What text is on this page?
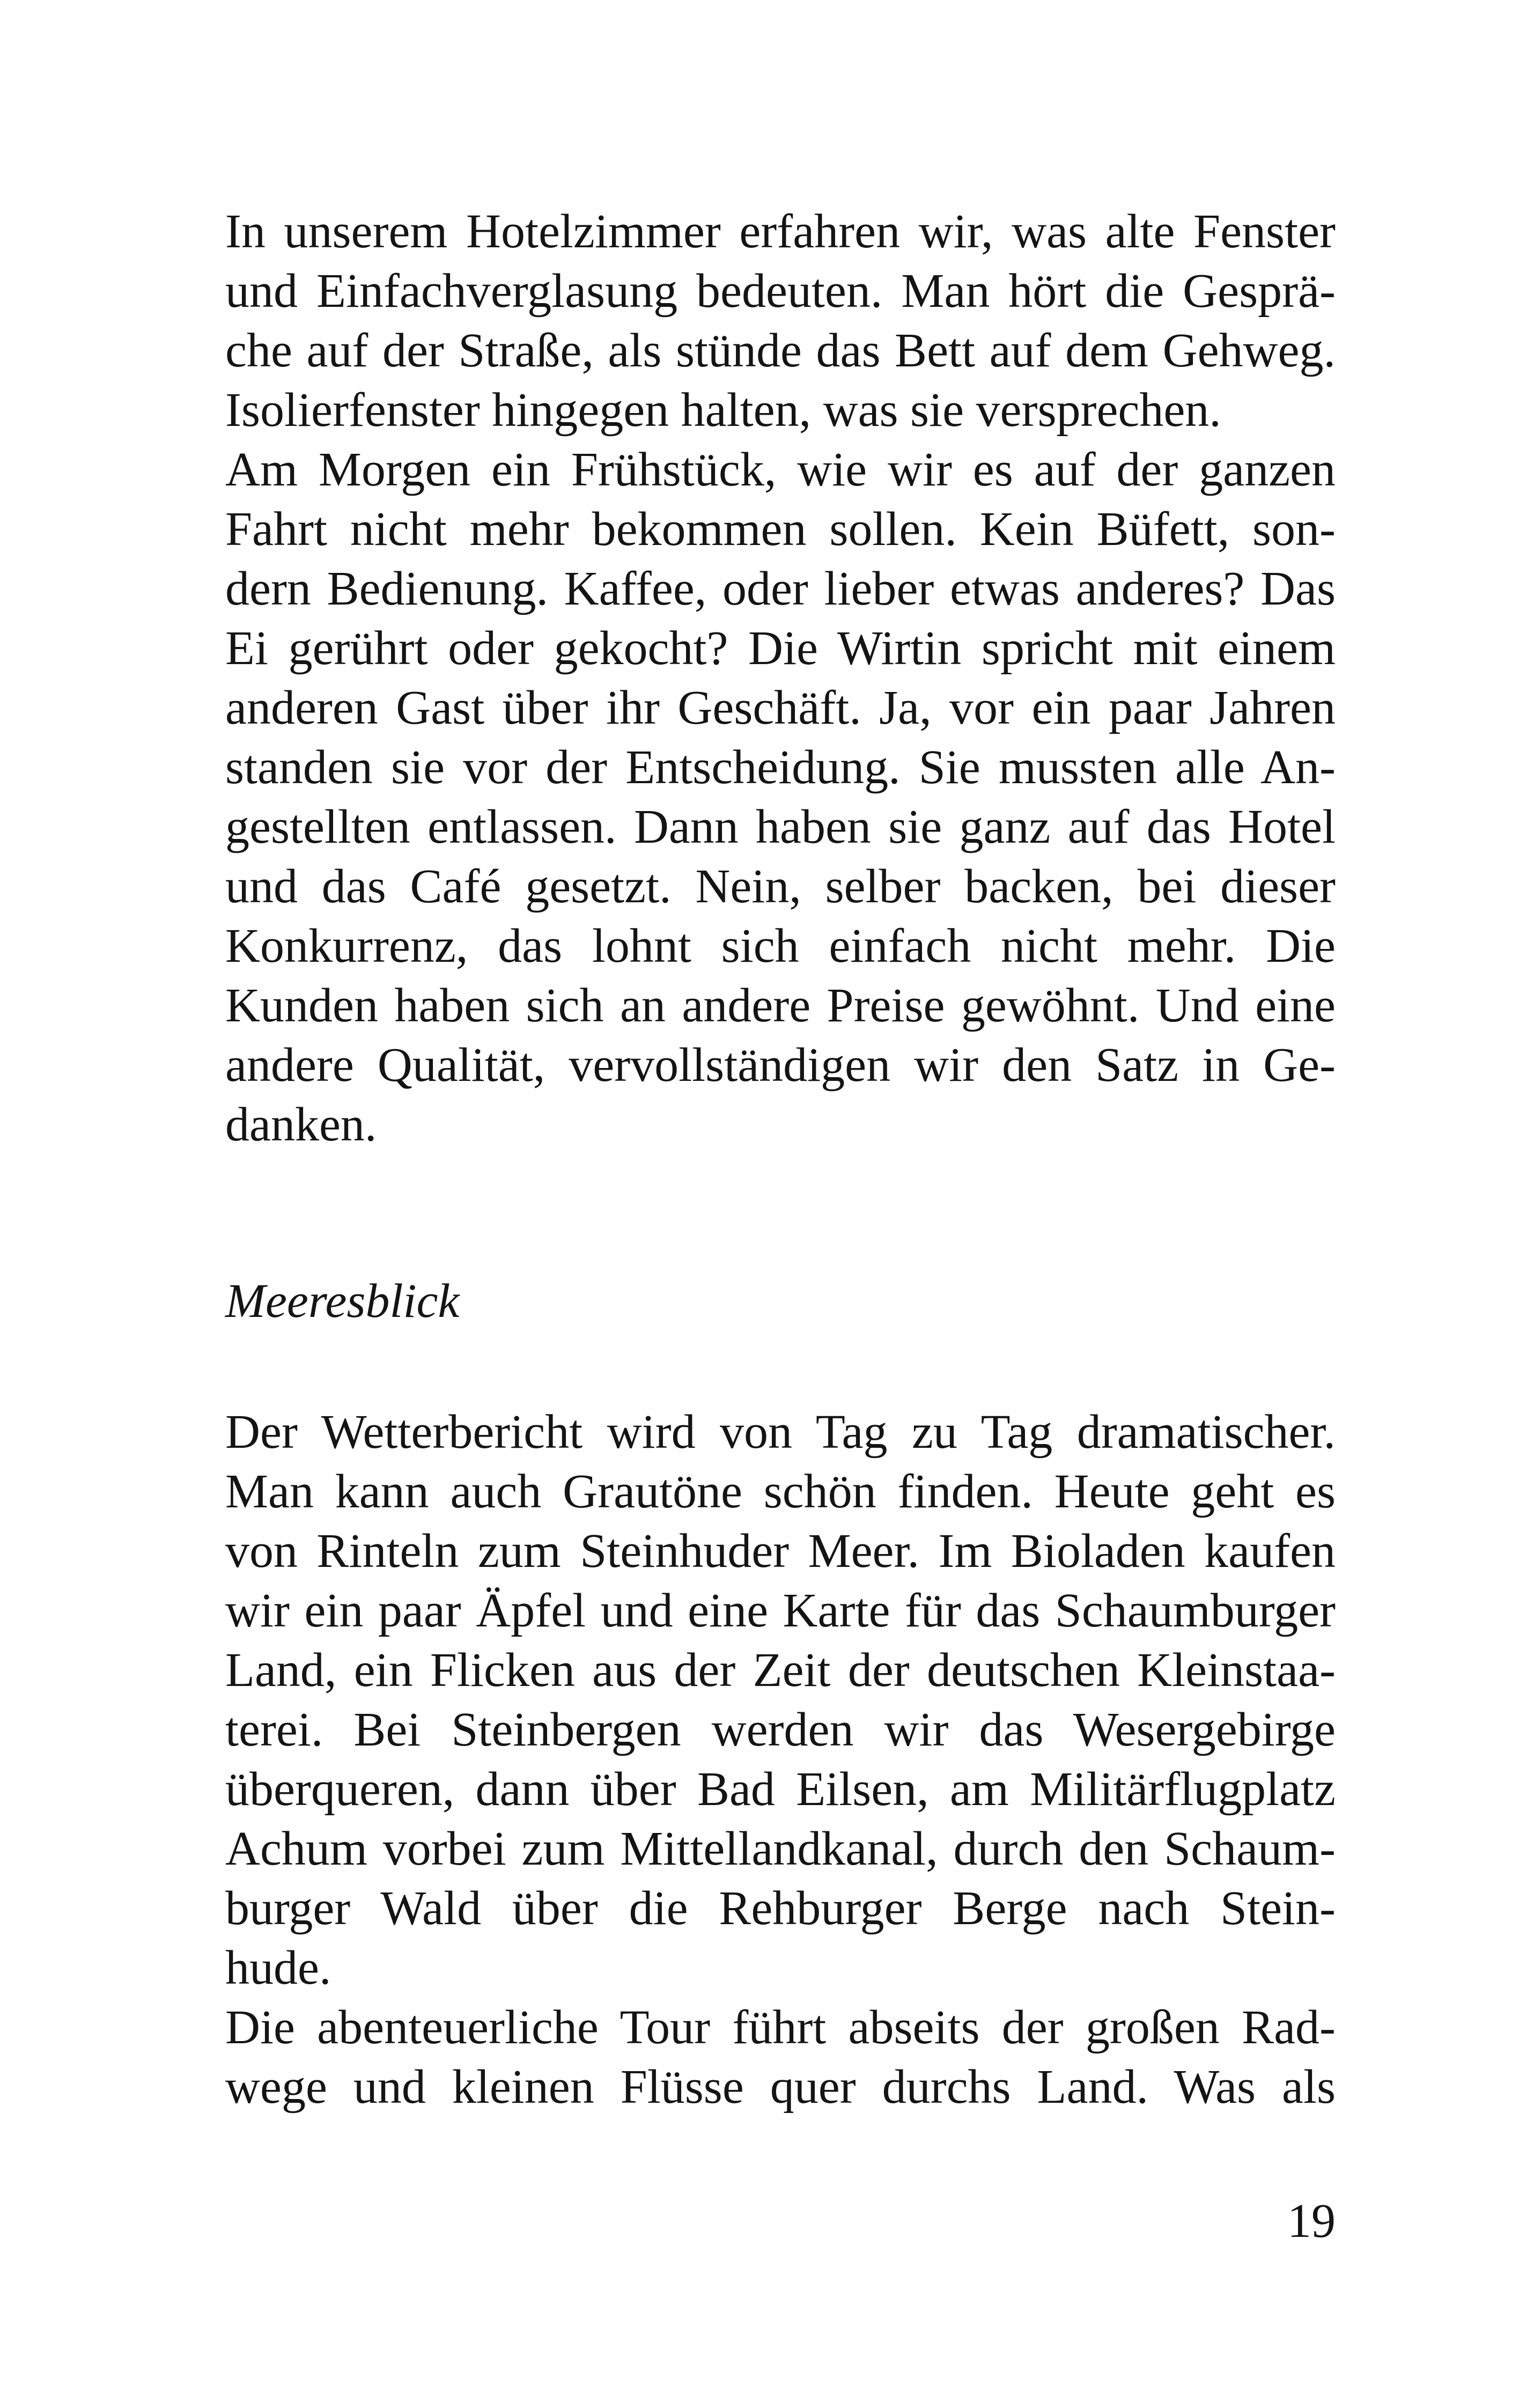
In unserem Hotelzimmer erfahren wir, was alte Fenster
und Einfachverglasung bedeuten. Man hört die Gesprä-
che auf der Straße, als stünde das Bett auf dem Gehweg.
Isolierfenster hingegen halten, was sie versprechen.
Am Morgen ein Frühstück, wie wir es auf der ganzen
Fahrt nicht mehr bekommen sollen. Kein Büfett, son-
dern Bedienung. Kaffee, oder lieber etwas anderes? Das
Ei gerührt oder gekocht? Die Wirtin spricht mit einem
anderen Gast über ihr Geschäft. Ja, vor ein paar Jahren
standen sie vor der Entscheidung. Sie mussten alle An-
gestellten entlassen. Dann haben sie ganz auf das Hotel
und das Café gesetzt. Nein, selber backen, bei dieser
Konkurrenz, das lohnt sich einfach nicht mehr. Die
Kunden haben sich an andere Preise gewöhnt. Und eine
andere Qualität, vervollständigen wir den Satz in Ge-
danken.
Meeresblick
Der Wetterbericht wird von Tag zu Tag dramatischer.
Man kann auch Grautöne schön finden. Heute geht es
von Rinteln zum Steinhuder Meer. Im Bioladen kaufen
wir ein paar Äpfel und eine Karte für das Schaumburger
Land, ein Flicken aus der Zeit der deutschen Kleinstaa-
terei. Bei Steinbergen werden wir das Wesergebirge
überqueren, dann über Bad Eilsen, am Militärflugplatz
Achum vorbei zum Mittellandkanal, durch den Schaum-
burger Wald über die Rehburger Berge nach Stein-
hude.
Die abenteuerliche Tour führt abseits der großen Rad-
wege und kleinen Flüsse quer durchs Land. Was als
19
